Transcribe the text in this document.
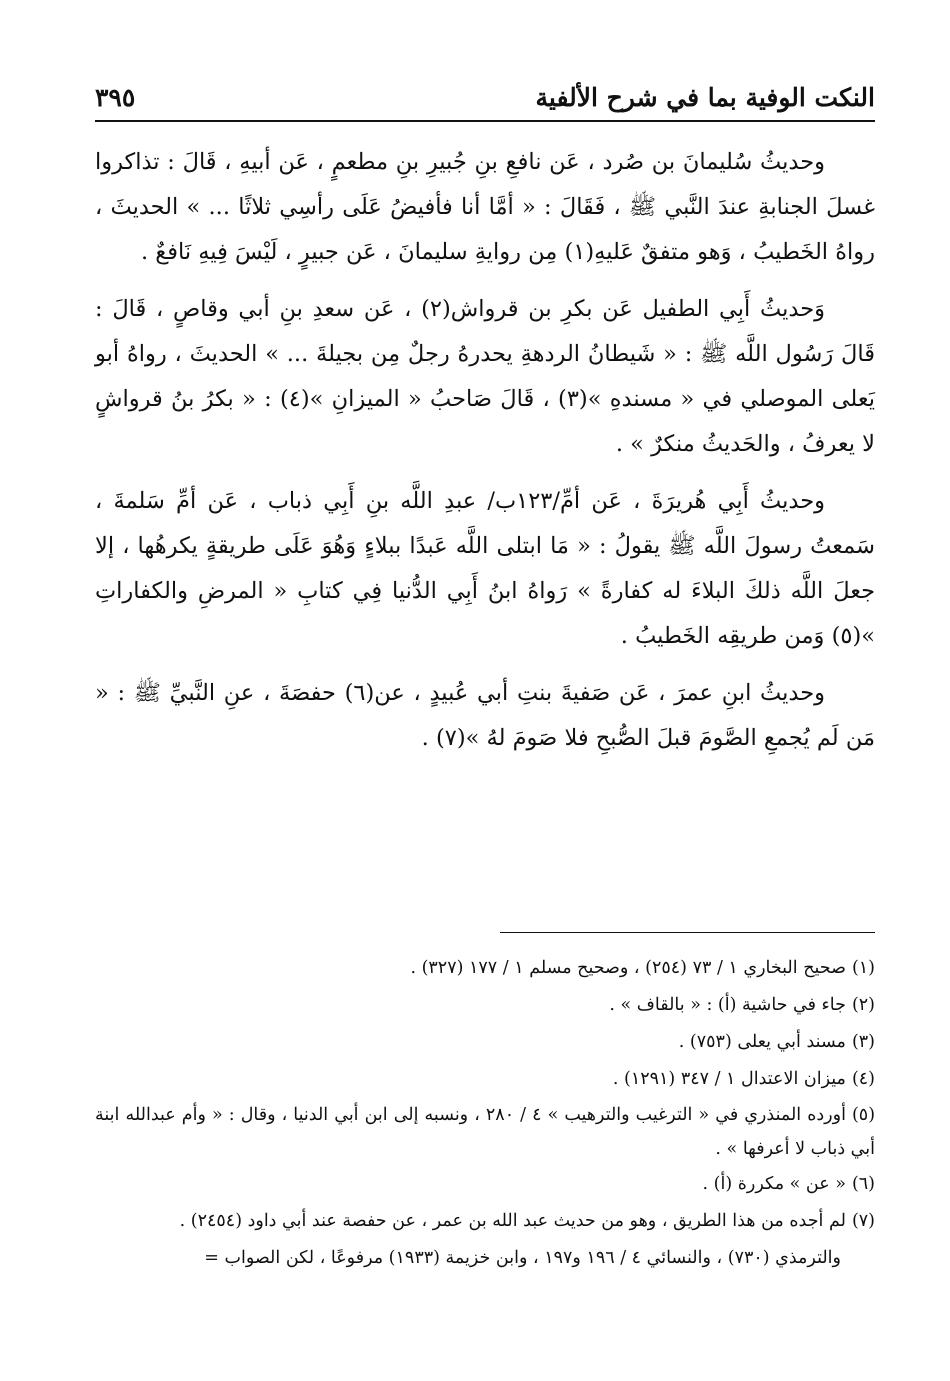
النكت الوفية بما في شرح الألفية
٣٩٥

وحديثُ سُليمانَ بن صُرد ، عَن نافعِ بنِ جُبيرِ بنِ مطعمٍ ، عَن أبيهِ ، قَالَ : تذاكروا غسلَ الجنابةِ عندَ النَّبي ﷺ ، فَقَالَ : « أمَّا أنا فأفيضُ عَلَى رأسِي ثلاثًا ... » الحديثَ ، رواهُ الخَطيبُ ، وَهو متفقٌ عَليهِ(١) مِن روايةِ سليمانَ ، عَن جبيرٍ ، لَيْسَ فِيهِ نَافعٌ .

وَحديثُ أَبِي الطفيل عَن بكرِ بن قرواش(٢) ، عَن سعدِ بنِ أبي وقاصٍ ، قَالَ : قَالَ رَسُول اللَّه ﷺ : « شَيطانُ الردهةِ يحدرهُ رجلٌ مِن بجيلةَ ... » الحديثَ ، رواهُ أبو يَعلى الموصلي في « مسندهِ »(٣) ، قَالَ صَاحبُ « الميزانِ »(٤) : « بكرُ بنُ قرواشٍ لا يعرفُ ، والحَديثُ منكرٌ » .

وحديثُ أَبِي هُريرَةَ ، عَن أمِّ/١٢٣ب/ عبدِ اللَّه بنِ أَبِي ذباب ، عَن أمِّ سَلمةَ ، سَمعتُ رسولَ اللَّه ﷺ يقولُ : « مَا ابتلى اللَّه عَبدًا ببلاءٍ وَهُوَ عَلَى طريقةٍ يكرهُها ، إلا جعلَ اللَّه ذلكَ البلاءَ له كفارةً » رَواهُ ابنُ أَبِي الدُّنيا فِي كتابِ « المرضِ والكفاراتِ »(٥) وَمن طريقِه الخَطيبُ .

وحديثُ ابنِ عمرَ ، عَن صَفيةَ بنتِ أبي عُبيدٍ ، عن(٦) حفصَةَ ، عنِ النَّبيِّ ﷺ : « مَن لَم يُجمعِ الصَّومَ قبلَ الصُّبحِ فلا صَومَ لهُ »(٧) .

(١)صحيح البخاري ١ / ٧٣ (٢٥٤) ، وصحيح مسلم ١ / ١٧٧ (٣٢٧) .

(٢)جاء في حاشية (أ) : « بالقاف » .

(٣)مسند أبي يعلى (٧٥٣) .

(٤)ميزان الاعتدال ١ / ٣٤٧ (١٢٩١) .

(٥)أورده المنذري في « الترغيب والترهيب » ٤ / ٢٨٠ ، ونسبه إلى ابن أبي الدنيا ، وقال : « وأم عبدالله ابنة أبي ذباب لا أعرفها » .

(٦)« عن » مكررة (أ) .

(٧)لم أجده من هذا الطريق ، وهو من حديث عبد الله بن عمر ، عن حفصة عند أبي داود (٢٤٥٤) .

والترمذي (٧٣٠) ، والنسائي ٤ / ١٩٦ و١٩٧ ، وابن خزيمة (١٩٣٣) مرفوعًا ، لكن الصواب =
